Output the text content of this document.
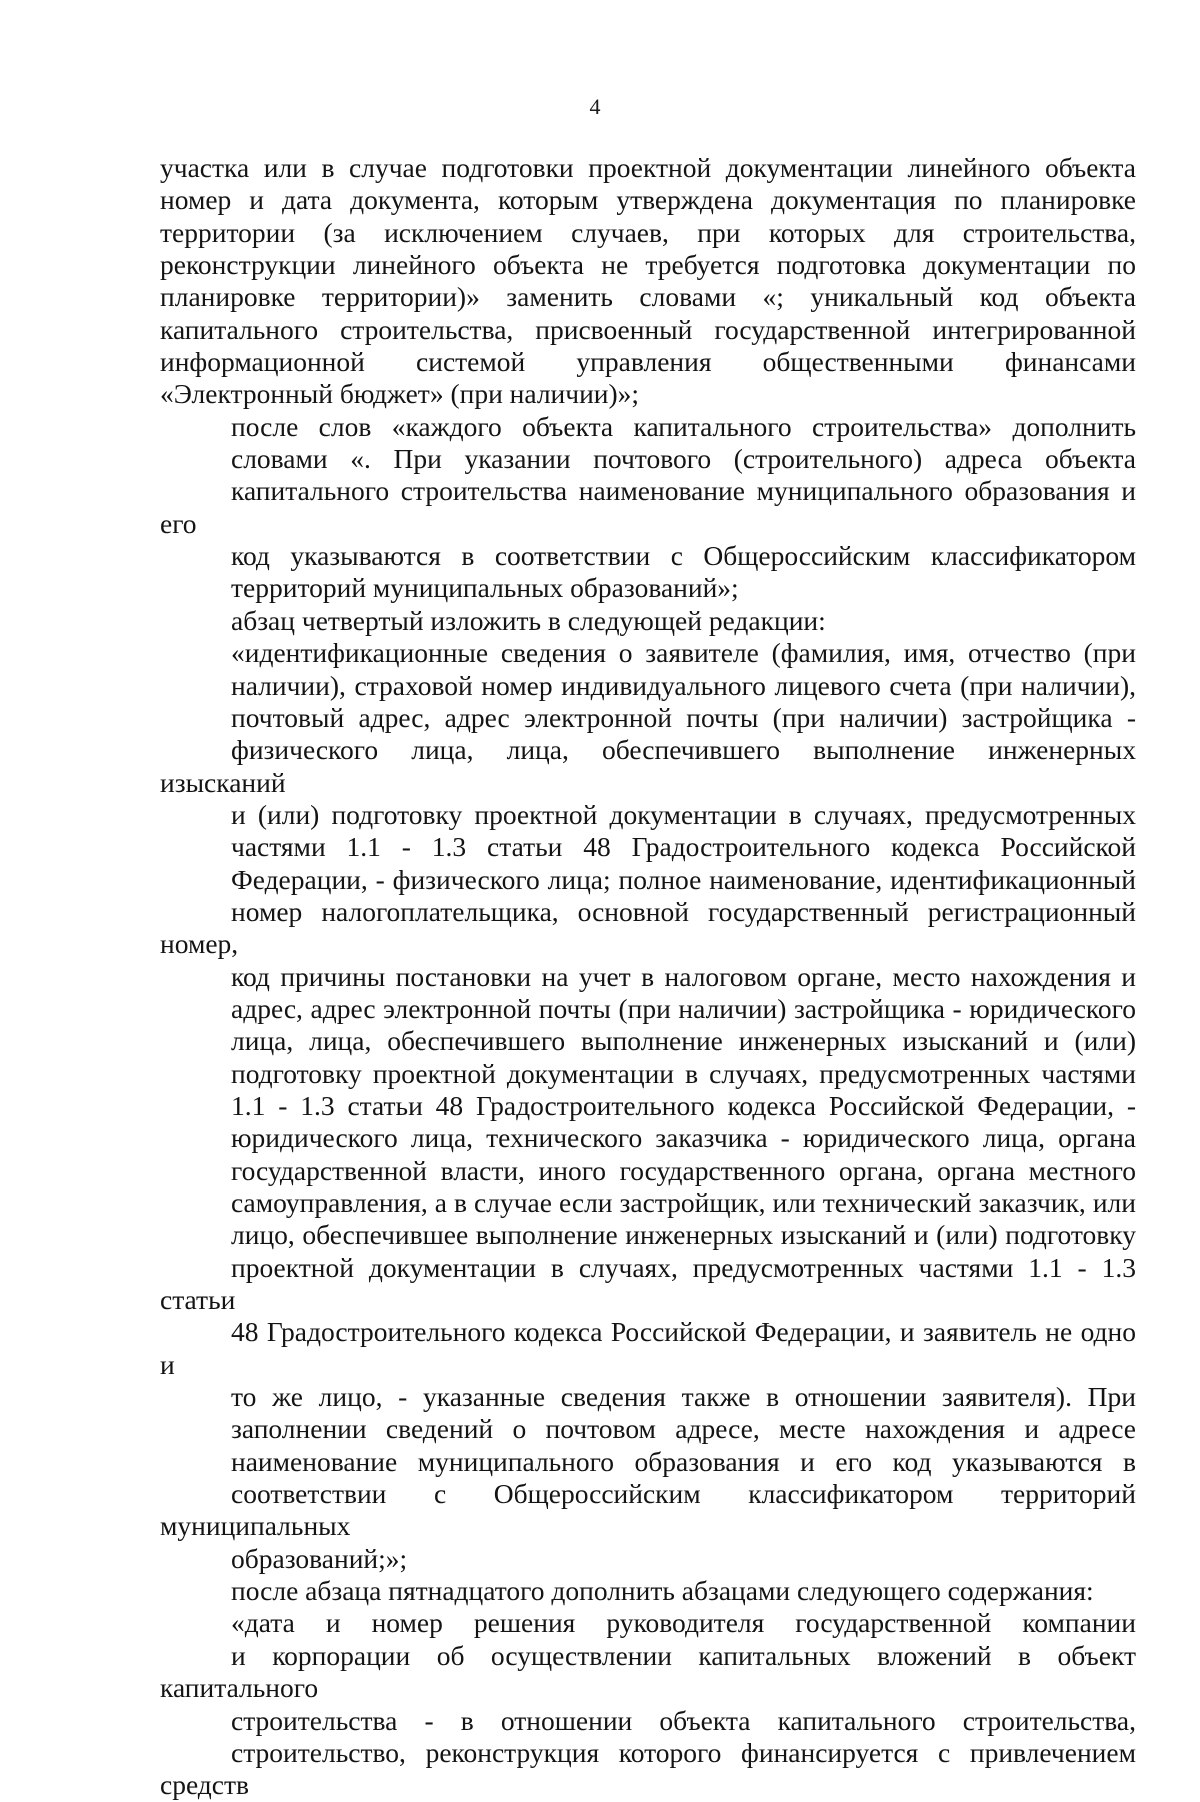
4
участка или в случае подготовки проектной документации линейного объекта
номер и дата документа, которым утверждена документация по планировке
территории (за исключением случаев, при которых для строительства,
реконструкции линейного объекта не требуется подготовка документации по
планировке территории)» заменить словами «; уникальный код объекта
капитального строительства, присвоенный государственной интегрированной
информационной системой управления общественными финансами
«Электронный бюджет» (при наличии)»;
после слов «каждого объекта капитального строительства» дополнить
словами «. При указании почтового (строительного) адреса объекта
капитального строительства наименование муниципального образования и его
код указываются в соответствии с Общероссийским классификатором
территорий муниципальных образований»;
абзац четвертый изложить в следующей редакции:
«идентификационные сведения о заявителе (фамилия, имя, отчество (при
наличии), страховой номер индивидуального лицевого счета (при наличии),
почтовый адрес, адрес электронной почты (при наличии) застройщика -
физического лица, лица, обеспечившего выполнение инженерных изысканий
и (или) подготовку проектной документации в случаях, предусмотренных
частями 1.1 - 1.3 статьи 48 Градостроительного кодекса Российской
Федерации, - физического лица; полное наименование, идентификационный
номер налогоплательщика, основной государственный регистрационный номер,
код причины постановки на учет в налоговом органе, место нахождения и
адрес, адрес электронной почты (при наличии) застройщика - юридического
лица, лица, обеспечившего выполнение инженерных изысканий и (или)
подготовку проектной документации в случаях, предусмотренных частями
1.1 - 1.3 статьи 48 Градостроительного кодекса Российской Федерации, -
юридического лица, технического заказчика - юридического лица, органа
государственной власти, иного государственного органа, органа местного
самоуправления, а в случае если застройщик, или технический заказчик, или
лицо, обеспечившее выполнение инженерных изысканий и (или) подготовку
проектной документации в случаях, предусмотренных частями 1.1 - 1.3 статьи
48 Градостроительного кодекса Российской Федерации, и заявитель не одно и
то же лицо, - указанные сведения также в отношении заявителя). При
заполнении сведений о почтовом адресе, месте нахождения и адресе
наименование муниципального образования и его код указываются в
соответствии с Общероссийским классификатором территорий муниципальных
образований;»;
после абзаца пятнадцатого дополнить абзацами следующего содержания:
«дата и номер решения руководителя государственной компании
и корпорации об осуществлении капитальных вложений в объект капитального
строительства - в отношении объекта капитального строительства,
строительство, реконструкция которого финансируется с привлечением средств
